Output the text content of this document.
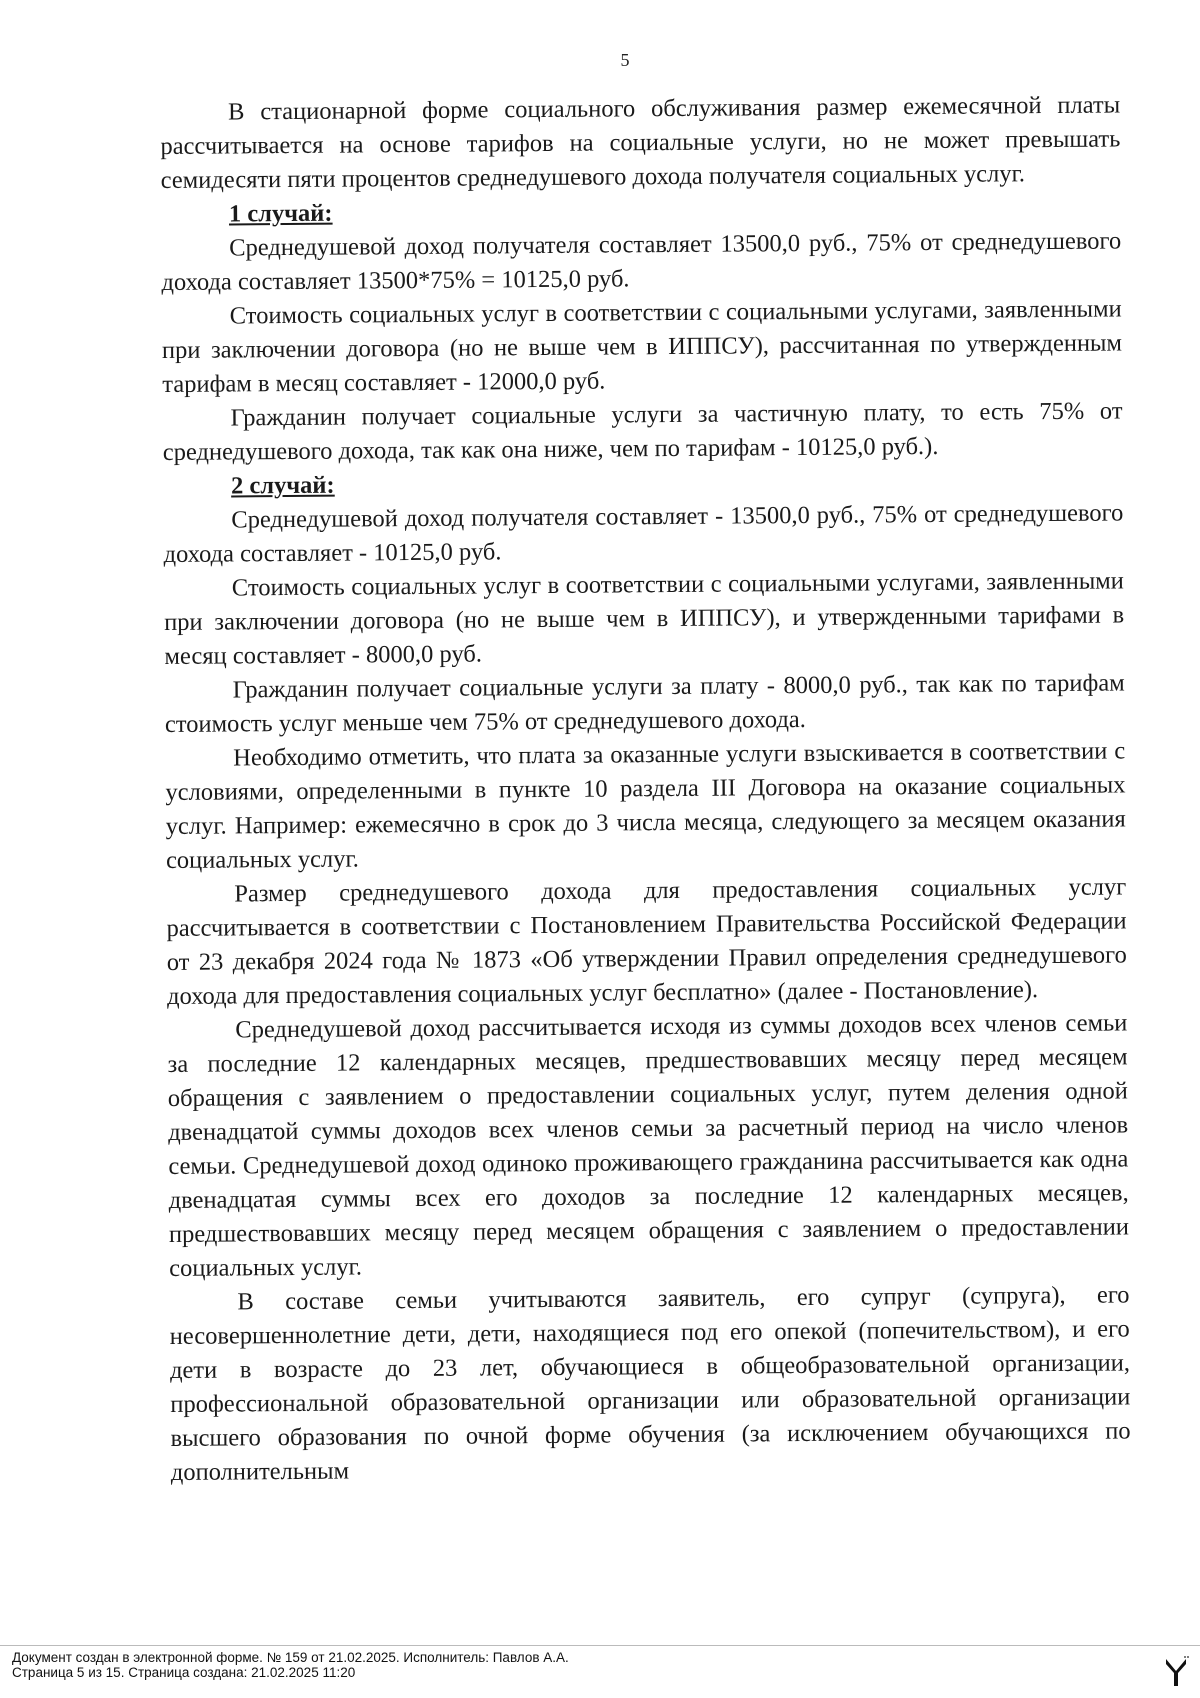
5

В стационарной форме социального обслуживания размер ежемесячной платы рассчитывается на основе тарифов на социальные услуги, но не может превышать семидесяти пяти процентов среднедушевого дохода получателя социальных услуг.

1 случай:

Среднедушевой доход получателя составляет 13500,0 руб., 75% от среднедушевого дохода составляет 13500*75% = 10125,0 руб.

Стоимость социальных услуг в соответствии с социальными услугами, заявленными при заключении договора (но не выше чем в ИППСУ), рассчитанная по утвержденным тарифам в месяц составляет - 12000,0 руб.

Гражданин получает социальные услуги за частичную плату, то есть 75% от среднедушевого дохода, так как она ниже, чем по тарифам - 10125,0 руб.).

2 случай:

Среднедушевой доход получателя составляет - 13500,0 руб., 75% от среднедушевого дохода составляет - 10125,0 руб.

Стоимость социальных услуг в соответствии с социальными услугами, заявленными при заключении договора (но не выше чем в ИППСУ), и утвержденными тарифами в месяц составляет - 8000,0 руб.

Гражданин получает социальные услуги за плату - 8000,0 руб., так как по тарифам стоимость услуг меньше чем 75% от среднедушевого дохода.

Необходимо отметить, что плата за оказанные услуги взыскивается в соответствии с условиями, определенными в пункте 10 раздела III Договора на оказание социальных услуг. Например: ежемесячно в срок до 3 числа месяца, следующего за месяцем оказания социальных услуг.

Размер среднедушевого дохода для предоставления социальных услуг рассчитывается в соответствии с Постановлением Правительства Российской Федерации от 23 декабря 2024 года № 1873 «Об утверждении Правил определения среднедушевого дохода для предоставления социальных услуг бесплатно» (далее - Постановление).

Среднедушевой доход рассчитывается исходя из суммы доходов всех членов семьи за последние 12 календарных месяцев, предшествовавших месяцу перед месяцем обращения с заявлением о предоставлении социальных услуг, путем деления одной двенадцатой суммы доходов всех членов семьи за расчетный период на число членов семьи. Среднедушевой доход одиноко проживающего гражданина рассчитывается как одна двенадцатая суммы всех его доходов за последние 12 календарных месяцев, предшествовавших месяцу перед месяцем обращения с заявлением о предоставлении социальных услуг.

В составе семьи учитываются заявитель, его супруг (супруга), его несовершеннолетние дети, дети, находящиеся под его опекой (попечительством), и его дети в возрасте до 23 лет, обучающиеся в общеобразовательной организации, профессиональной образовательной организации или образовательной организации высшего образования по очной форме обучения (за исключением обучающихся по дополнительным

Документ создан в электронной форме. № 159 от 21.02.2025. Исполнитель: Павлов А.А.
Страница 5 из 15. Страница создана: 21.02.2025 11:20
